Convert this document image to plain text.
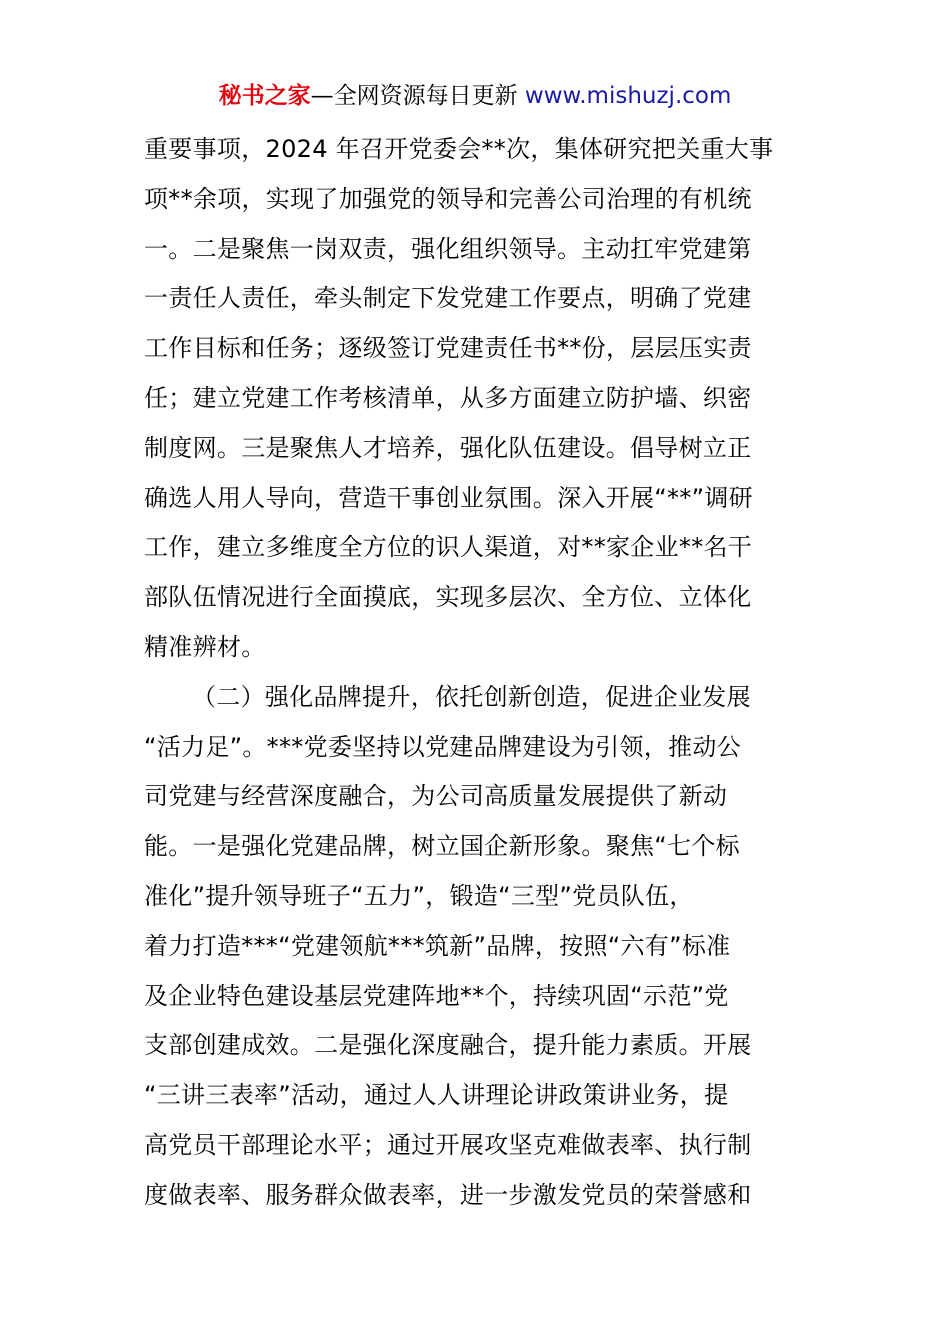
秘书之家—全网资源每日更新 www.mishuzj.com
重要事项，2024 年召开党委会**次，集体研究把关重大事
项**余项，实现了加强党的领导和完善公司治理的有机统
一。二是聚焦一岗双责，强化组织领导。主动扛牢党建第
一责任人责任，牵头制定下发党建工作要点，明确了党建
工作目标和任务；逐级签订党建责任书**份，层层压实责
任；建立党建工作考核清单，从多方面建立防护墙、织密
制度网。三是聚焦人才培养，强化队伍建设。倡导树立正
确选人用人导向，营造干事创业氛围。深入开展“**”调研
工作，建立多维度全方位的识人渠道，对**家企业**名干
部队伍情况进行全面摸底，实现多层次、全方位、立体化
精准辨材。
（二）强化品牌提升，依托创新创造，促进企业发展
“活力足”。***党委坚持以党建品牌建设为引领，推动公
司党建与经营深度融合，为公司高质量发展提供了新动
能。一是强化党建品牌，树立国企新形象。聚焦“七个标
准化”提升领导班子“五力”，锻造“三型”党员队伍，
着力打造***“党建领航***筑新”品牌，按照“六有”标准
及企业特色建设基层党建阵地**个，持续巩固“示范”党
支部创建成效。二是强化深度融合，提升能力素质。开展
“三讲三表率”活动，通过人人讲理论讲政策讲业务，提
高党员干部理论水平；通过开展攻坚克难做表率、执行制
度做表率、服务群众做表率，进一步激发党员的荣誉感和
